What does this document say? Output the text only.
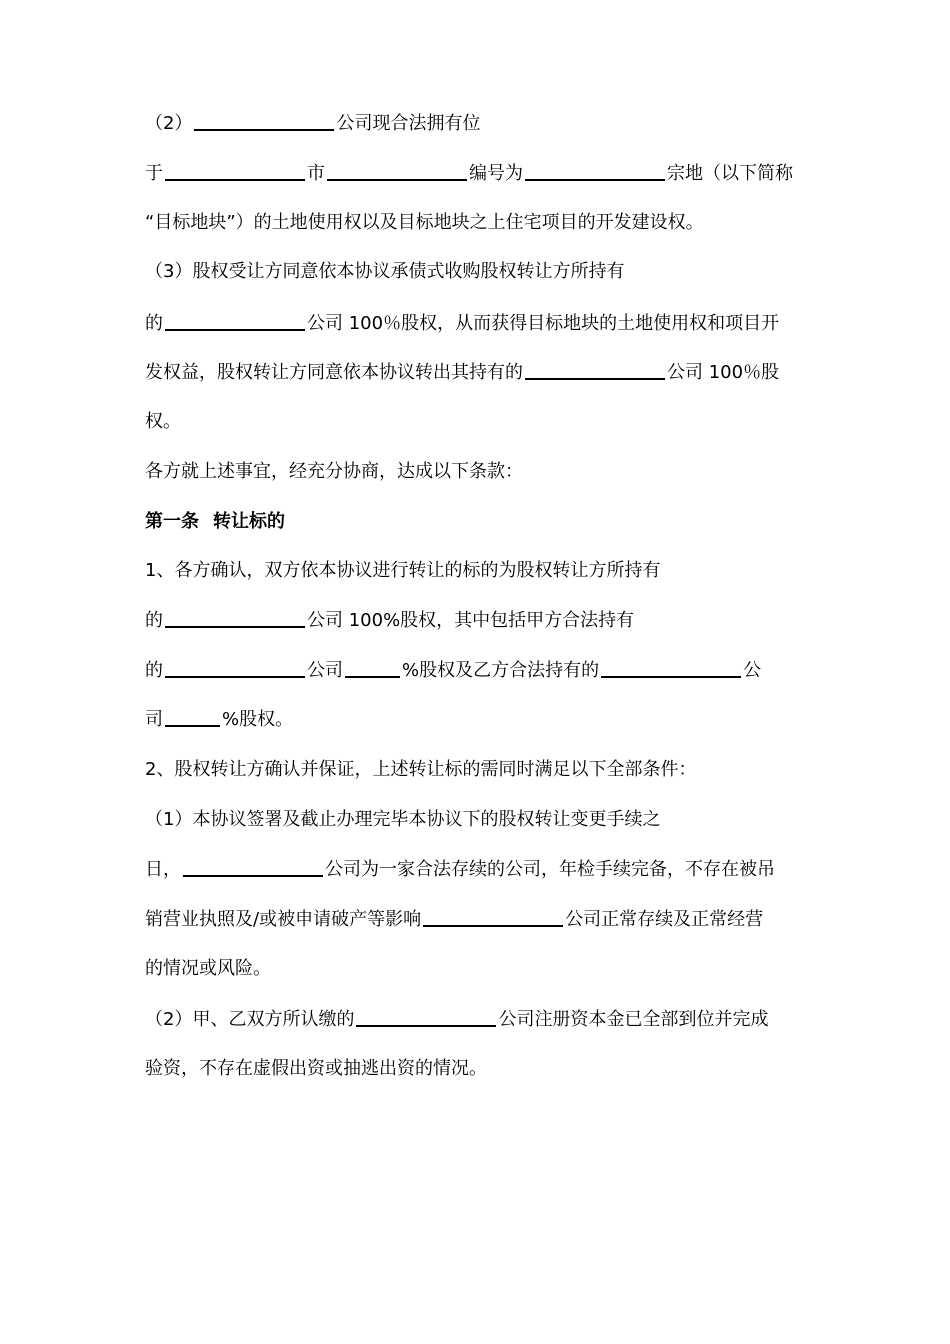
（2）	公司现合法拥有位
于	市	编号为	宗地（以下简称
“目标地块”）的土地使用权以及目标地块之上住宅项目的开发建设权。
（3）股权受让方同意依本协议承债式收购股权转让方所持有
的	公司 100％股权，从而获得目标地块的土地使用权和项目开
发权益，股权转让方同意依本协议转出其持有的	公司 100％股
权。
各方就上述事宜，经充分协商，达成以下条款：
第一条 转让标的
1、各方确认，双方依本协议进行转让的标的为股权转让方所持有
的	公司 100%股权，其中包括甲方合法持有
的	公司	%股权及乙方合法持有的	公
司	%股权。
2、股权转让方确认并保证，上述转让标的需同时满足以下全部条件：
（1）本协议签署及截止办理完毕本协议下的股权转让变更手续之
日，	公司为一家合法存续的公司，年检手续完备，不存在被吊
销营业执照及/或被申请破产等影响	公司正常存续及正常经营
的情况或风险。
（2）甲、乙双方所认缴的	公司注册资本金已全部到位并完成
验资，不存在虚假出资或抽逃出资的情况。
